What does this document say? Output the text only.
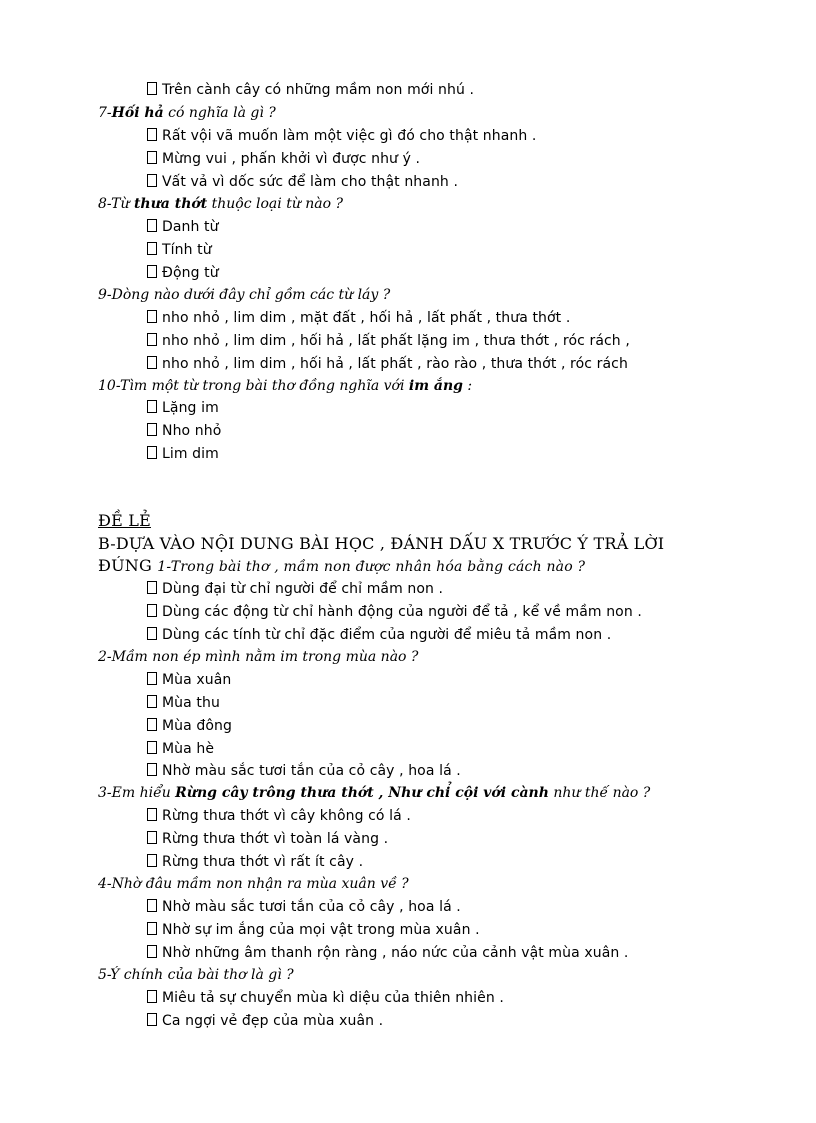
Trên cành cây có những mầm non mới nhú .
7-Hối hả có nghĩa là gì ?
Rất vội vã muốn làm một việc gì đó cho thật nhanh .
Mừng vui , phấn khởi vì được như ý .
Vất vả vì dốc sức để làm cho thật nhanh .
8-Từ thưa thớt thuộc loại từ nào ?
Danh từ
Tính từ
Động từ
9-Dòng nào dưới đây chỉ gồm các từ láy ?
nho nhỏ , lim dim , mặt đất , hối hả , lất phất , thưa thớt .
nho nhỏ , lim dim , hối hả , lất phất lặng im , thưa thớt , róc rách ,
nho nhỏ , lim dim , hối hả , lất phất , rào rào , thưa thớt , róc rách
10-Tìm một từ trong bài thơ đồng nghĩa với im ắng :
Lặng im
Nho nhỏ
Lim dim
ĐỀ LẺ
B-DỰA VÀO NỘI DUNG BÀI HỌC , ĐÁNH DẤU X TRƯỚC Ý TRẢ LỜI
ĐÚNG 1-Trong bài thơ , mầm non được nhân hóa bằng cách nào ?
Dùng đại từ chỉ người để chỉ mầm non .
Dùng các động từ chỉ hành động của người để tả , kể về mầm non .
Dùng các tính từ chỉ đặc điểm của người để miêu tả mầm non .
2-Mầm non ép mình nằm im trong mùa nào ?
Mùa xuân
Mùa thu
Mùa đông
Mùa hè
Nhờ màu sắc tươi tắn của cỏ cây , hoa lá .
3-Em hiểu Rừng cây trông thưa thớt , Như chỉ cội với cành như thế nào ?
Rừng thưa thớt vì cây không có lá .
Rừng thưa thớt vì toàn lá vàng .
Rừng thưa thớt vì rất ít cây .
4-Nhờ đâu mầm non nhận ra mùa xuân về ?
Nhờ màu sắc tươi tắn của cỏ cây , hoa lá .
Nhờ sự im ắng của mọi vật trong mùa xuân .
Nhờ những âm thanh rộn ràng , náo nức của cảnh vật mùa xuân .
5-Ý chính của bài thơ là gì ?
Miêu tả sự chuyển mùa kì diệu của thiên nhiên .
Ca ngợi vẻ đẹp của mùa xuân .
